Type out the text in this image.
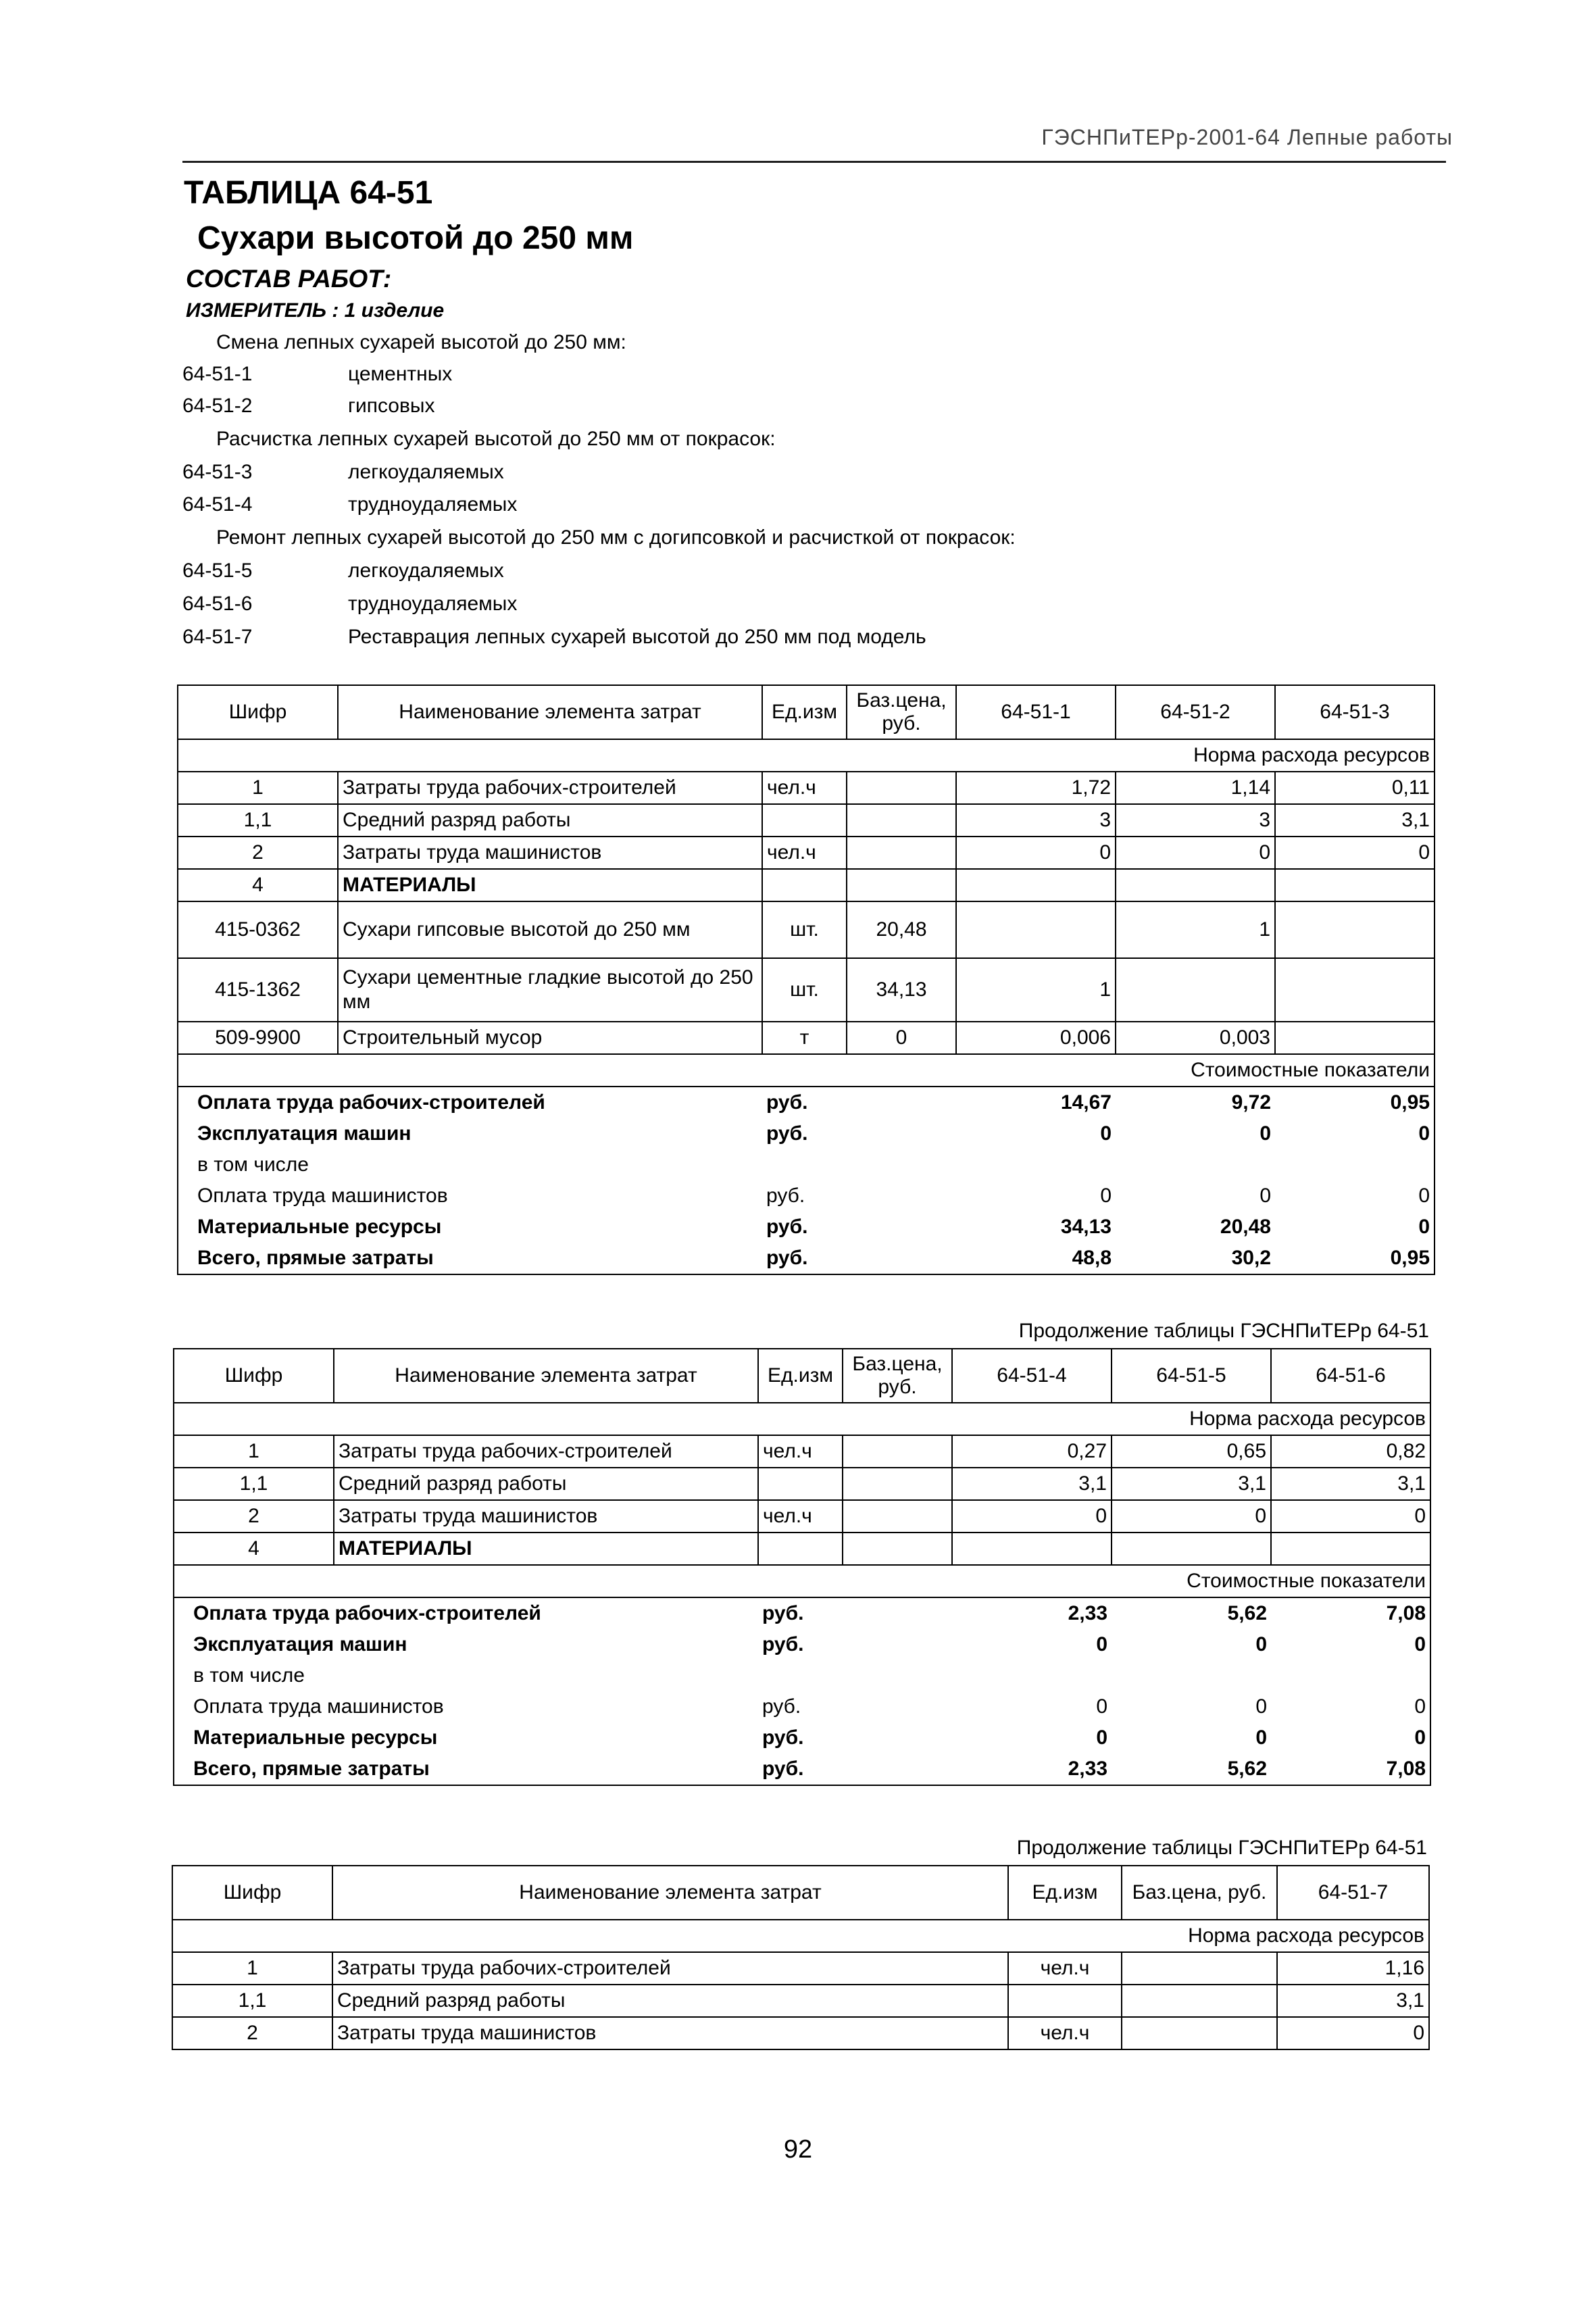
ГЭСНПиТЕРр-2001-64 Лепные работы
ТАБЛИЦА 64-51
Сухари высотой до 250 мм
СОСТАВ РАБОТ:
ИЗМЕРИТЕЛЬ : 1 изделие
Смена лепных сухарей высотой до 250 мм:
64-51-1	цементных
64-51-2	гипсовых
Расчистка лепных сухарей высотой до 250 мм от покрасок:
64-51-3	легкоудаляемых
64-51-4	трудноудаляемых
Ремонт лепных сухарей высотой до 250 мм с догипсовкой и расчисткой от покрасок:
64-51-5	легкоудаляемых
64-51-6	трудноудаляемых
64-51-7	Реставрация лепных сухарей высотой до 250 мм под модель
Шифр	Наименование элемента затрат	Ед.изм	Баз.цена, руб.	64-51-1	64-51-2	64-51-3
Норма расхода ресурсов						
1	Затраты труда рабочих-строителей	чел.ч		1,72	1,14	0,11
1,1	Средний разряд работы			3	3	3,1
2	Затраты труда машинистов	чел.ч		0	0	0
4	МАТЕРИАЛЫ					
415-0362	Сухари гипсовые высотой до 250 мм	шт.	20,48		1	
415-1362	Сухари цементные гладкие высотой до 250 мм	шт.	34,13	1		
509-9900	Строительный мусор	т	0	0,006	0,003	
Стоимостные показатели						
Оплата труда рабочих-строителей		руб.		14,67	9,72	0,95
Эксплуатация машин		руб.		0	0	0
в том числе						
Оплата труда машинистов		руб.		0	0	0
Материальные ресурсы		руб.		34,13	20,48	0
Всего, прямые затраты		руб.		48,8	30,2	0,95
Продолжение таблицы ГЭСНПиТЕРр 64-51
Шифр	Наименование элемента затрат	Ед.изм	Баз.цена, руб.	64-51-4	64-51-5	64-51-6
Норма расхода ресурсов						
1	Затраты труда рабочих-строителей	чел.ч		0,27	0,65	0,82
1,1	Средний разряд работы			3,1	3,1	3,1
2	Затраты труда машинистов	чел.ч		0	0	0
4	МАТЕРИАЛЫ					
Стоимостные показатели						
Оплата труда рабочих-строителей		руб.		2,33	5,62	7,08
Эксплуатация машин		руб.		0	0	0
в том числе						
Оплата труда машинистов		руб.		0	0	0
Материальные ресурсы		руб.		0	0	0
Всего, прямые затраты		руб.		2,33	5,62	7,08
Продолжение таблицы ГЭСНПиТЕРр 64-51
Шифр	Наименование элемента затрат	Ед.изм	Баз.цена, руб.	64-51-7
Норма расхода ресурсов				
1	Затраты труда рабочих-строителей	чел.ч		1,16
1,1	Средний разряд работы			3,1
2	Затраты труда машинистов	чел.ч		0
92
